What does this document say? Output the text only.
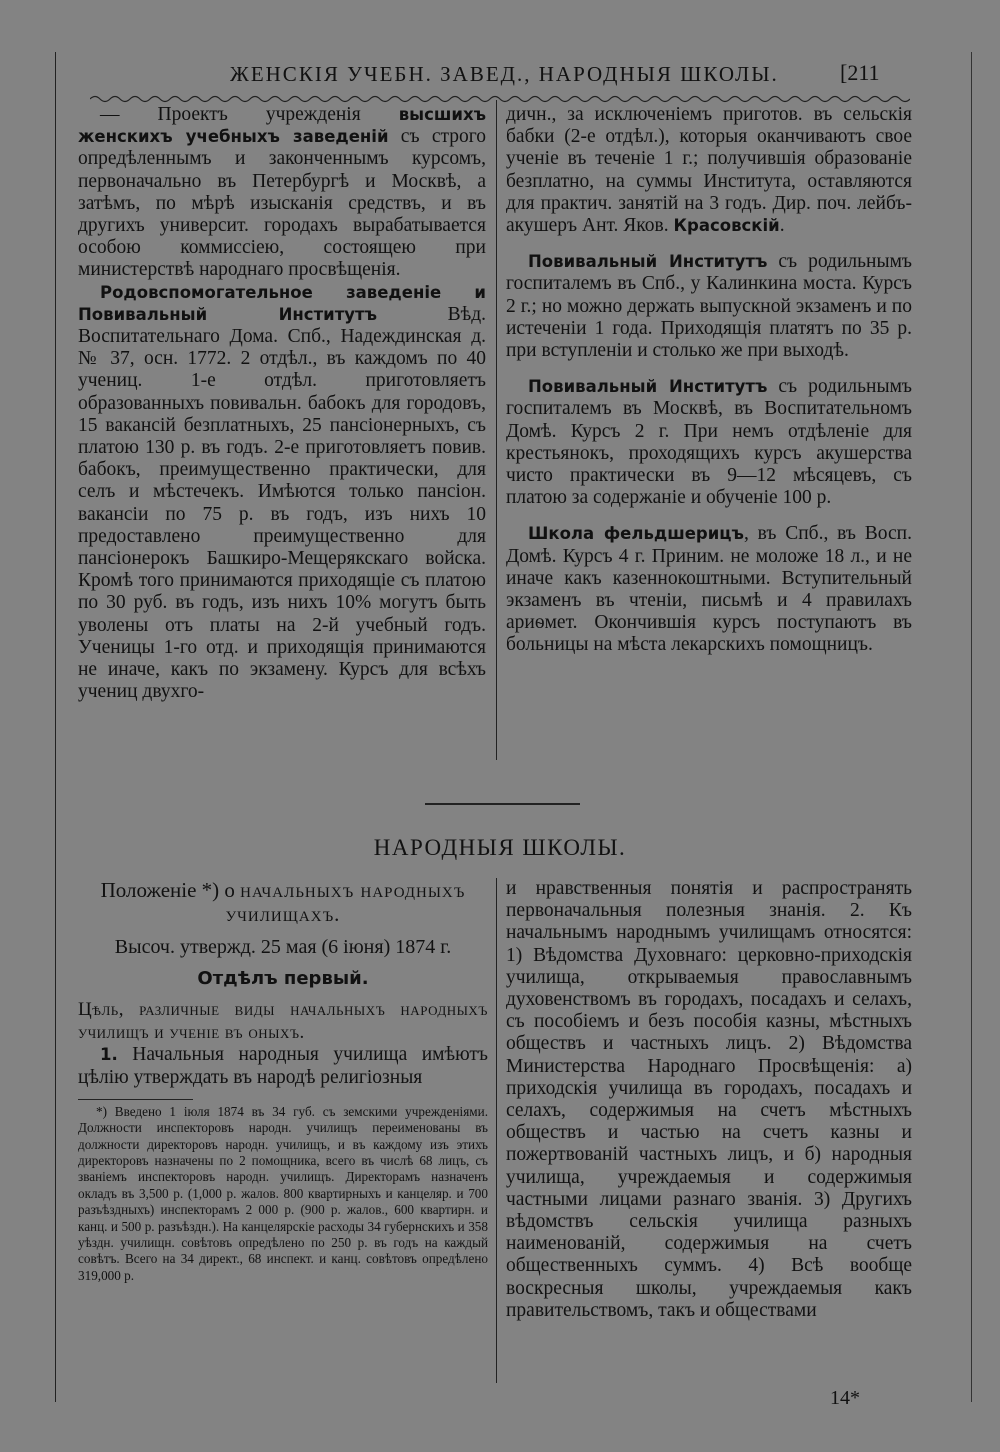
ЖЕНСКІЯ УЧЕБН. ЗАВЕД., НАРОДНЫЯ ШКОЛЫ.	[211

— Проектъ учрежденія высшихъ женскихъ учебныхъ заведеній съ строго опредѣленнымъ и законченнымъ курсомъ, первоначально въ Петербургѣ и Москвѣ, а затѣмъ, по мѣрѣ изысканія средствъ, и въ другихъ университ. городахъ вырабатывается особою коммиссіею, состоящею при министерствѣ народнаго просвѣщенія.

Родовспомогательное заведеніе и Повивальный Институтъ Вѣд. Воспитательнаго Дома. Спб., Надеждинская д. № 37, осн. 1772. 2 отдѣл., въ каждомъ по 40 учениц. 1-е отдѣл. приготовляетъ образованныхъ повивальн. бабокъ для городовъ, 15 вакансій безплатныхъ, 25 пансіонерныхъ, съ платою 130 р. въ годъ. 2-е приготовляетъ повив. бабокъ, преимущественно практически, для селъ и мѣстечекъ. Имѣются только пансіон. вакансіи по 75 р. въ годъ, изъ нихъ 10 предоставлено преимущественно для пансіонерокъ Башкиро-Мещерякскаго войска. Кромѣ того принимаются приходящіе съ платою по 30 руб. въ годъ, изъ нихъ 10% могутъ быть уволены отъ платы на 2-й учебный годъ. Ученицы 1-го отд. и приходящія принимаются не иначе, какъ по экзамену. Курсъ для всѣхъ учениц двухго-

дичн., за исключеніемъ приготов. въ сельскія бабки (2-е отдѣл.), которыя оканчиваютъ свое ученіе въ теченіе 1 г.; получившія образованіе безплатно, на суммы Института, оставляются для практич. занятій на 3 годъ. Дир. поч. лейбъ-акушеръ Ант. Яков. Красовскій.

Повивальный Институтъ съ родильнымъ госпиталемъ въ Спб., у Калинкина моста. Курсъ 2 г.; но можно держать выпускной экзаменъ и по истеченіи 1 года. Приходящія платятъ по 35 р. при вступленіи и столько же при выходѣ.

Повивальный Институтъ съ родильнымъ госпиталемъ въ Москвѣ, въ Воспитательномъ Домѣ. Курсъ 2 г. При немъ отдѣленіе для крестьянокъ, проходящихъ курсъ акушерства чисто практически въ 9—12 мѣсяцевъ, съ платою за содержаніе и обученіе 100 р.

Школа фельдшерицъ, въ Спб., въ Восп. Домѣ. Курсъ 4 г. Приним. не моложе 18 л., и не иначе какъ казеннокоштными. Вступительный экзаменъ въ чтеніи, письмѣ и 4 правилахъ ариѳмет. Окончившія курсъ поступаютъ въ больницы на мѣста лекарскихъ помощницъ.

НАРОДНЫЯ ШКОЛЫ.
Положеніе *) о начальныхъ народныхъ училищахъ.
Высоч. утвержд. 25 мая (6 іюня) 1874 г.
Отдѣлъ первый.
Цѣль, различные виды начальныхъ народныхъ училищъ и ученіе въ оныхъ.

1. Начальныя народныя училища имѣютъ цѣлію утверждать въ народѣ религіозныя

*) Введено 1 іюля 1874 въ 34 губ. съ земскими учрежденіями. Должности инспекторовъ народн. училищъ переименованы въ должности директоровъ народн. училищъ, и въ каждому изъ этихъ директоровъ назначены по 2 помощника, всего въ числѣ 68 лицъ, съ званіемъ инспекторовъ народн. училищъ. Директорамъ назначенъ окладъ въ 3,500 р. (1,000 р. жалов. 800 квартирныхъ и канцеляр. и 700 разъѣздныхъ) инспекторамъ 2 000 р. (900 р. жалов., 600 квартирн. и канц. и 500 р. разъѣздн.). На канцелярскіе расходы 34 губернскихъ и 358 уѣздн. училищн. совѣтовъ опредѣлено по 250 р. въ годъ на каждый совѣтъ. Всего на 34 директ., 68 инспект. и канц. совѣтовъ опредѣлено 319,000 р.

и нравственныя понятія и распространять первоначальныя полезныя знанія. 2. Къ начальнымъ народнымъ училищамъ относятся: 1) Вѣдомства Духовнаго: церковно-приходскія училища, открываемыя православнымъ духовенствомъ въ городахъ, посадахъ и селахъ, съ пособіемъ и безъ пособія казны, мѣстныхъ обществъ и частныхъ лицъ. 2) Вѣдомства Министерства Народнаго Просвѣщенія: а) приходскія училища въ городахъ, посадахъ и селахъ, содержимыя на счетъ мѣстныхъ обществъ и частью на счетъ казны и пожертвованій частныхъ лицъ, и б) народныя училища, учреждаемыя и содержимыя частными лицами разнаго званія. 3) Другихъ вѣдомствъ сельскія училища разныхъ наименованій, содержимыя на счетъ общественныхъ суммъ. 4) Всѣ вообще воскресныя школы, учреждаемыя какъ правительствомъ, такъ и обществами

14*
